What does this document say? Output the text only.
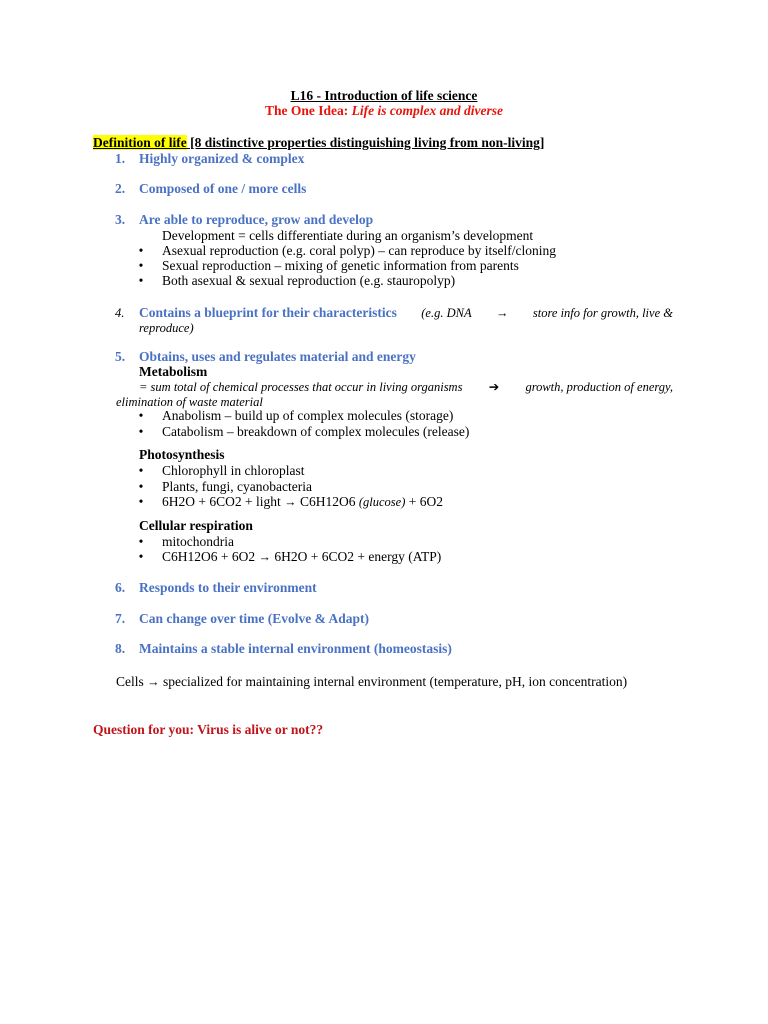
L16 - Introduction of life science
The One Idea: Life is complex and diverse
Definition of life [8 distinctive properties distinguishing living from non-living]
1. Highly organized & complex
2. Composed of one / more cells
3. Are able to reproduce, grow and develop
Development = cells differentiate during an organism’s development
• Asexual reproduction (e.g. coral polyp) – can reproduce by itself/cloning
• Sexual reproduction – mixing of genetic information from parents
• Both asexual & sexual reproduction (e.g. stauropolyp)
4. Contains a blueprint for their characteristics (e.g. DNA → store info for growth, live &
reproduce)
5. Obtains, uses and regulates material and energy
Metabolism
= sum total of chemical processes that occur in living organisms ➔ growth, production of energy,
elimination of waste material
• Anabolism – build up of complex molecules (storage)
• Catabolism – breakdown of complex molecules (release)
Photosynthesis
• Chlorophyll in chloroplast
• Plants, fungi, cyanobacteria
• 6H2O + 6CO2 + light → C6H12O6 (glucose) + 6O2
Cellular respiration
• mitochondria
• C6H12O6 + 6O2 → 6H2O + 6CO2 + energy (ATP)
6. Responds to their environment
7. Can change over time (Evolve & Adapt)
8. Maintains a stable internal environment (homeostasis)
Cells → specialized for maintaining internal environment (temperature, pH, ion concentration)
Question for you: Virus is alive or not??
